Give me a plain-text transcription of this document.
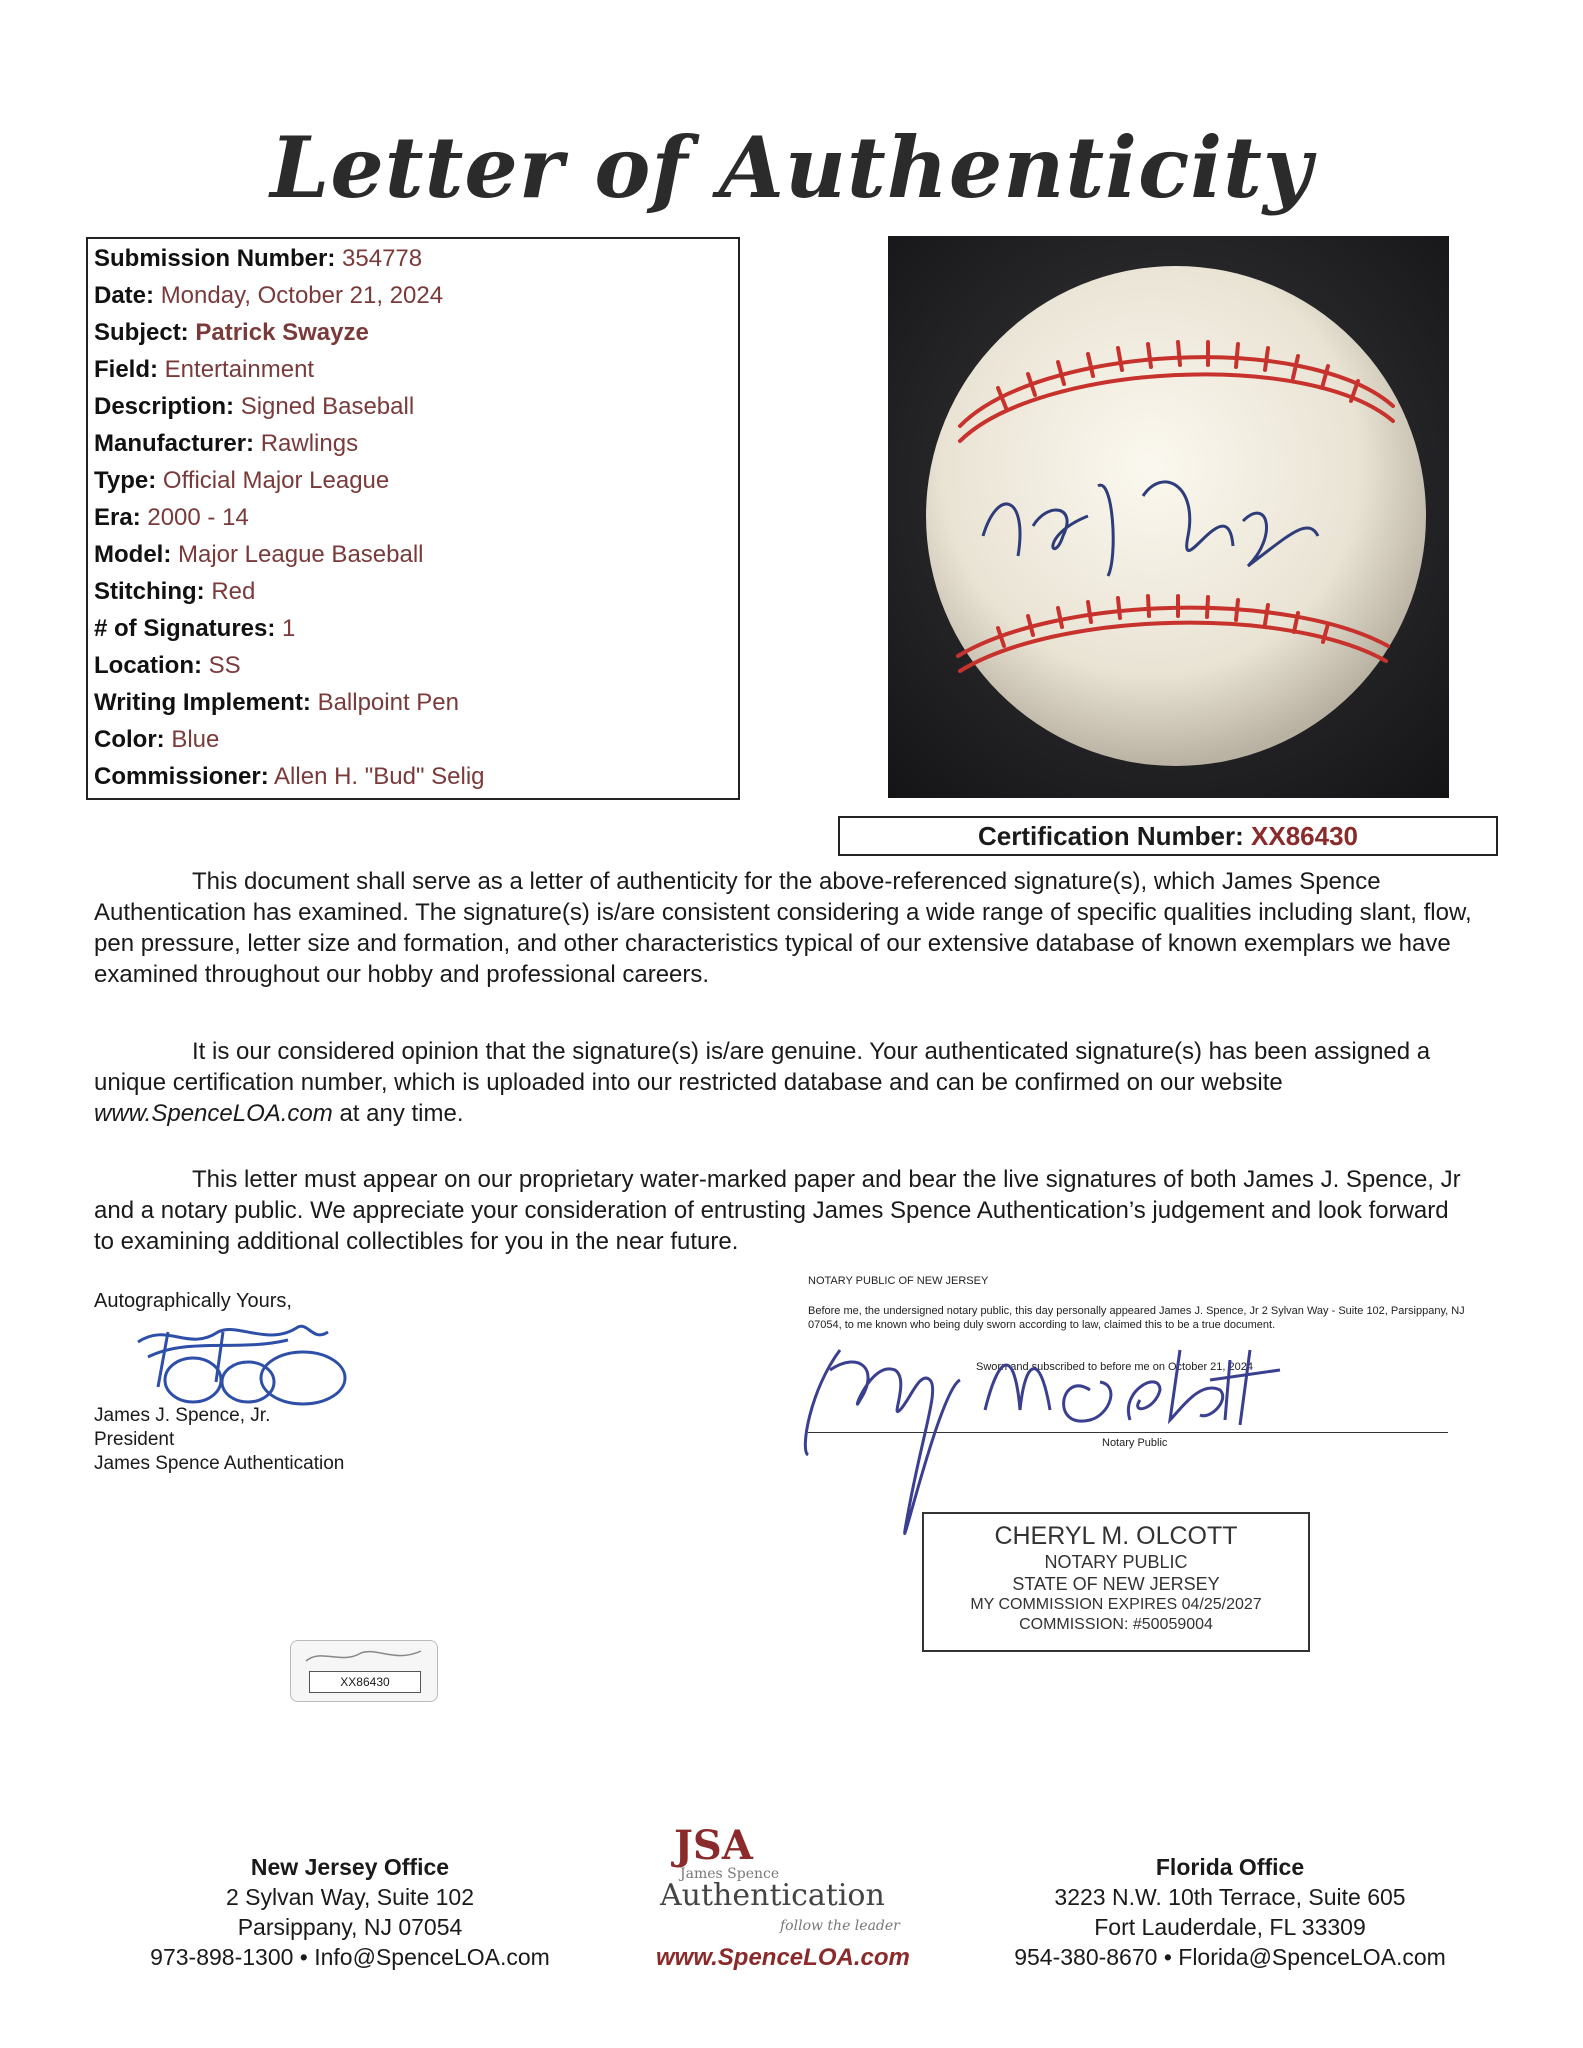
Letter of Authenticity
Submission Number: 354778
Date: Monday, October 21, 2024
Subject: Patrick Swayze
Field: Entertainment
Description: Signed Baseball
Manufacturer: Rawlings
Type: Official Major League
Era: 2000 - 14
Model: Major League Baseball
Stitching: Red
# of Signatures: 1
Location: SS
Writing Implement: Ballpoint Pen
Color: Blue
Commissioner: Allen H. "Bud" Selig
Certification Number: XX86430
This document shall serve as a letter of authenticity for the above-referenced signature(s), which James Spence Authentication has examined. The signature(s) is/are consistent considering a wide range of specific qualities including slant, flow, pen pressure, letter size and formation, and other characteristics typical of our extensive database of known exemplars we have examined throughout our hobby and professional careers.
It is our considered opinion that the signature(s) is/are genuine. Your authenticated signature(s) has been assigned a unique certification number, which is uploaded into our restricted database and can be confirmed on our website www.SpenceLOA.com at any time.
This letter must appear on our proprietary water-marked paper and bear the live signatures of both James J. Spence, Jr and a notary public. We appreciate your consideration of entrusting James Spence Authentication’s judgement and look forward to examining additional collectibles for you in the near future.
Autographically Yours,
James J. Spence, Jr.
President
James Spence Authentication
NOTARY PUBLIC OF NEW JERSEY
Before me, the undersigned notary public, this day personally appeared James J. Spence, Jr 2 Sylvan Way - Suite 102, Parsippany, NJ 07054, to me known who being duly sworn according to law, claimed this to be a true document.
Sworn and subscribed to before me on October 21, 2024
Notary Public
CHERYL M. OLCOTT
NOTARY PUBLIC
STATE OF NEW JERSEY
MY COMMISSION EXPIRES 04/25/2027
COMMISSION: #50059004
XX86430
New Jersey Office
2 Sylvan Way, Suite 102
Parsippany, NJ 07054
973-898-1300 • Info@SpenceLOA.com
JSA
James Spence
Authentication
follow the leader
www.SpenceLOA.com
Florida Office
3223 N.W. 10th Terrace, Suite 605
Fort Lauderdale, FL 33309
954-380-8670 • Florida@SpenceLOA.com
